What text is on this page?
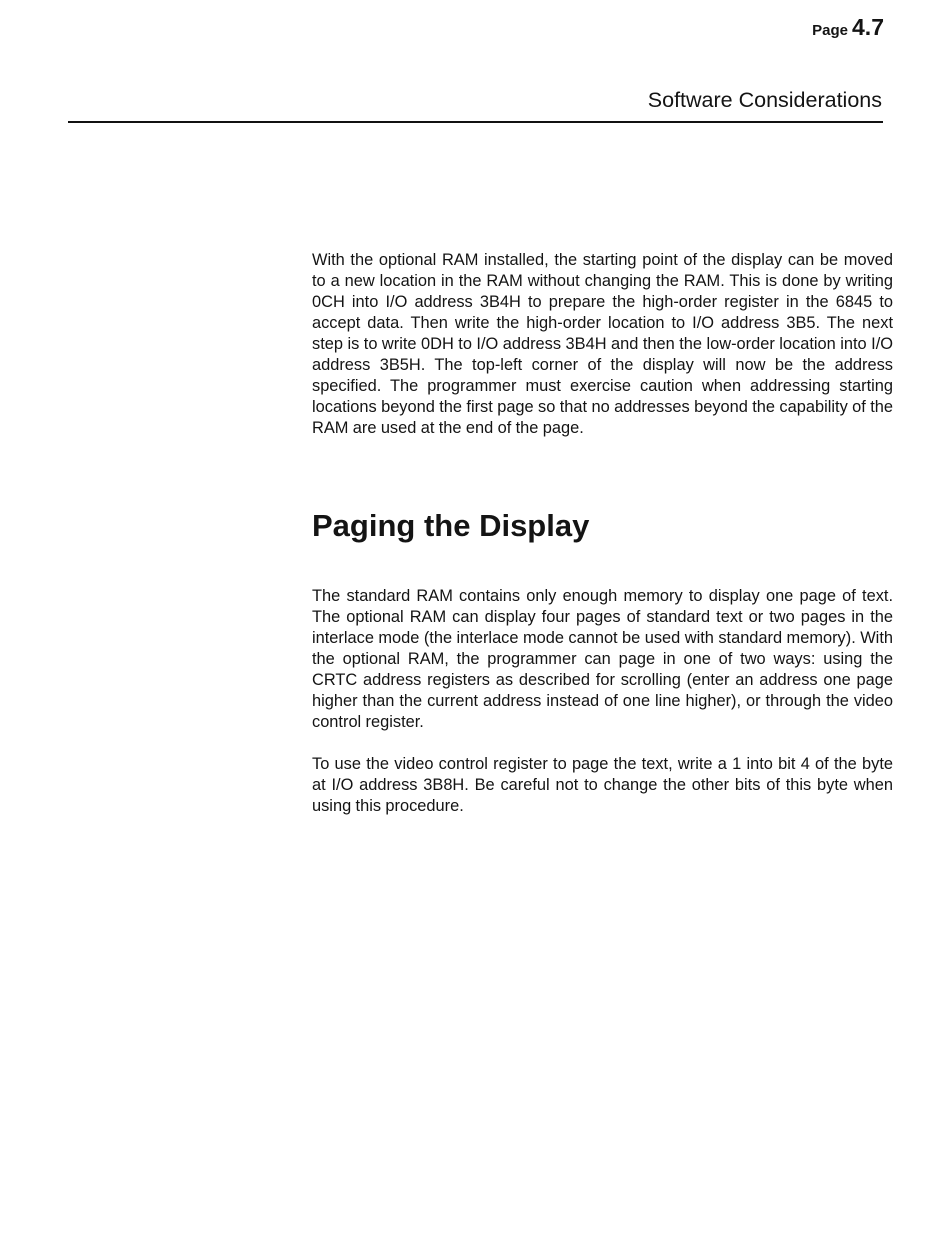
Page 4.7
Software Considerations

With the optional RAM installed, the starting point of the display can be moved to a new location in the RAM without changing the RAM. This is done by writing 0CH into I/O address 3B4H to prepare the high-order register in the 6845 to accept data. Then write the high-order location to I/O address 3B5. The next step is to write 0DH to I/O address 3B4H and then the low-order location into I/O address 3B5H. The top-left corner of the display will now be the address specified. The programmer must exercise caution when addressing starting locations beyond the first page so that no addresses beyond the capability of the RAM are used at the end of the page.

Paging the Display

The standard RAM contains only enough memory to display one page of text. The optional RAM can display four pages of standard text or two pages in the interlace mode (the interlace mode cannot be used with standard memory). With the optional RAM, the programmer can page in one of two ways: using the CRTC address registers as described for scrolling (enter an address one page higher than the current address instead of one line higher), or through the video control register.

To use the video control register to page the text, write a 1 into bit 4 of the byte at I/O address 3B8H. Be careful not to change the other bits of this byte when using this procedure.
